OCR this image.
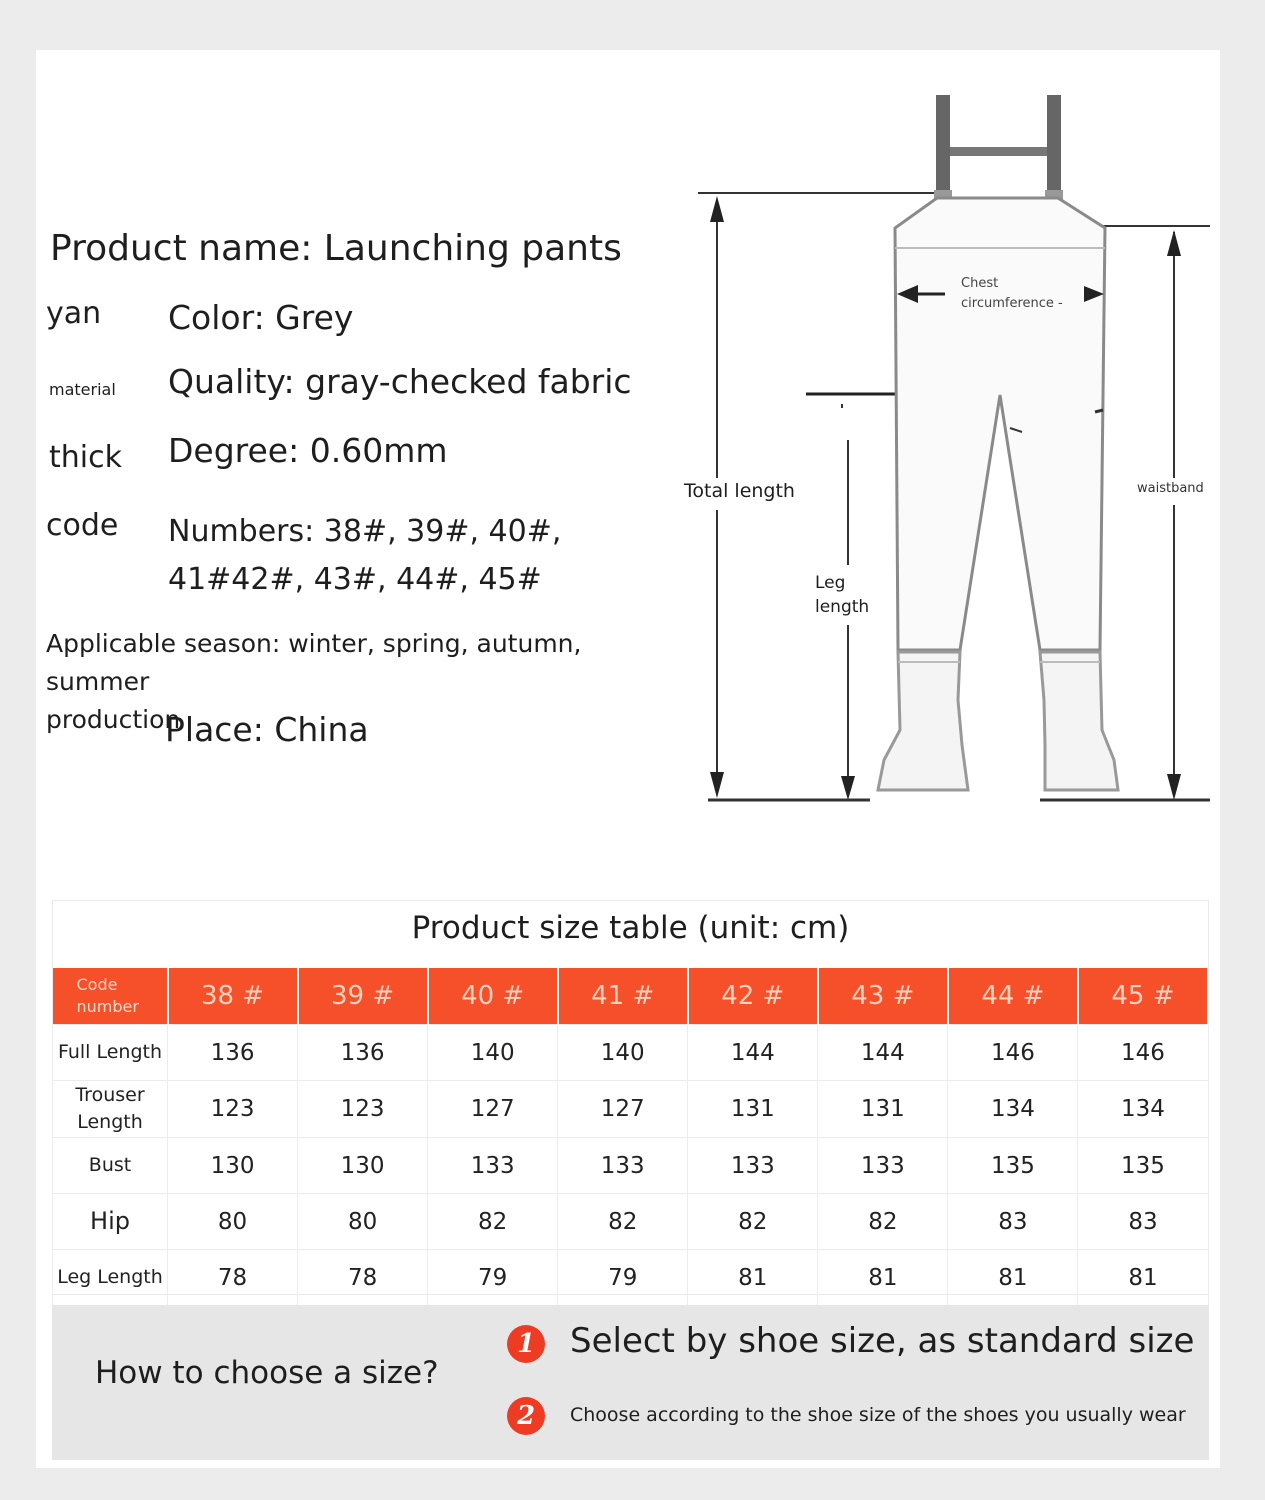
Product name: Launching pants
yan Color: Grey
material Quality: gray-checked fabric
thick Degree: 0.60mm
code Numbers: 38#, 39#, 40#,
41#42#, 43#, 44#, 45#
Applicable season: winter, spring, autumn, summer
production
Place: China
Total length
Leg
length
Chest
circumference -
waistband
Product size table (unit: cm)
Code
number	38 #	39 #	40 #	41 #	42 #	43 #	44 #	45 #
Full Length	136	136	140	140	144	144	146	146

Trouser
Length	123	123	127	127	131	131	134	134
Bust	130	130	133	133	133	133	135	135
Hip	80	80	82	82	82	82	83	83
Leg Length	78	78	79	79	81	81	81	81
How to choose a size?
1 Select by shoe size, as standard size
2	Choose according to the shoe size of the shoes you usually wear
